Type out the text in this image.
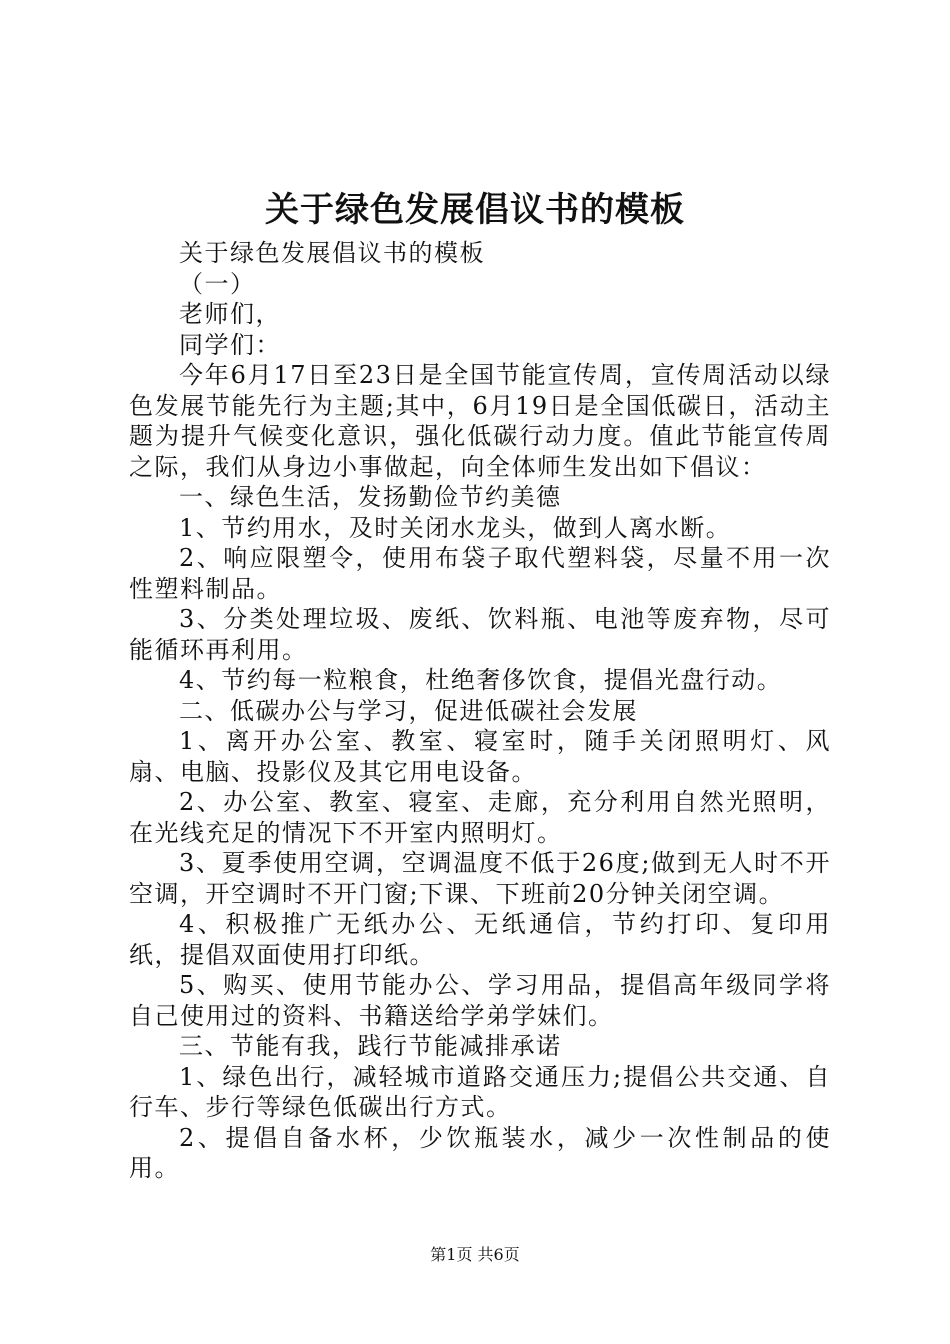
关于绿色发展倡议书的模板

关于绿色发展倡议书的模板

（一）

老师们，

同学们：

今年6月17日至23日是全国节能宣传周，宣传周活动以绿色发展节能先行为主题;其中，6月19日是全国低碳日，活动主题为提升气候变化意识，强化低碳行动力度。值此节能宣传周之际，我们从身边小事做起，向全体师生发出如下倡议：

一、绿色生活，发扬勤俭节约美德

1、节约用水，及时关闭水龙头，做到人离水断。

2、响应限塑令，使用布袋子取代塑料袋，尽量不用一次性塑料制品。

3、分类处理垃圾、废纸、饮料瓶、电池等废弃物，尽可能循环再利用。

4、节约每一粒粮食，杜绝奢侈饮食，提倡光盘行动。

二、低碳办公与学习，促进低碳社会发展

1、离开办公室、教室、寝室时，随手关闭照明灯、风扇、电脑、投影仪及其它用电设备。

2、办公室、教室、寝室、走廊，充分利用自然光照明，在光线充足的情况下不开室内照明灯。

3、夏季使用空调，空调温度不低于26度;做到无人时不开空调，开空调时不开门窗;下课、下班前20分钟关闭空调。

4、积极推广无纸办公、无纸通信，节约打印、复印用纸，提倡双面使用打印纸。

5、购买、使用节能办公、学习用品，提倡高年级同学将自己使用过的资料、书籍送给学弟学妹们。

三、节能有我，践行节能减排承诺

1、绿色出行，减轻城市道路交通压力;提倡公共交通、自行车、步行等绿色低碳出行方式。

2、提倡自备水杯，少饮瓶装水，减少一次性制品的使用。

第1页 共6页
